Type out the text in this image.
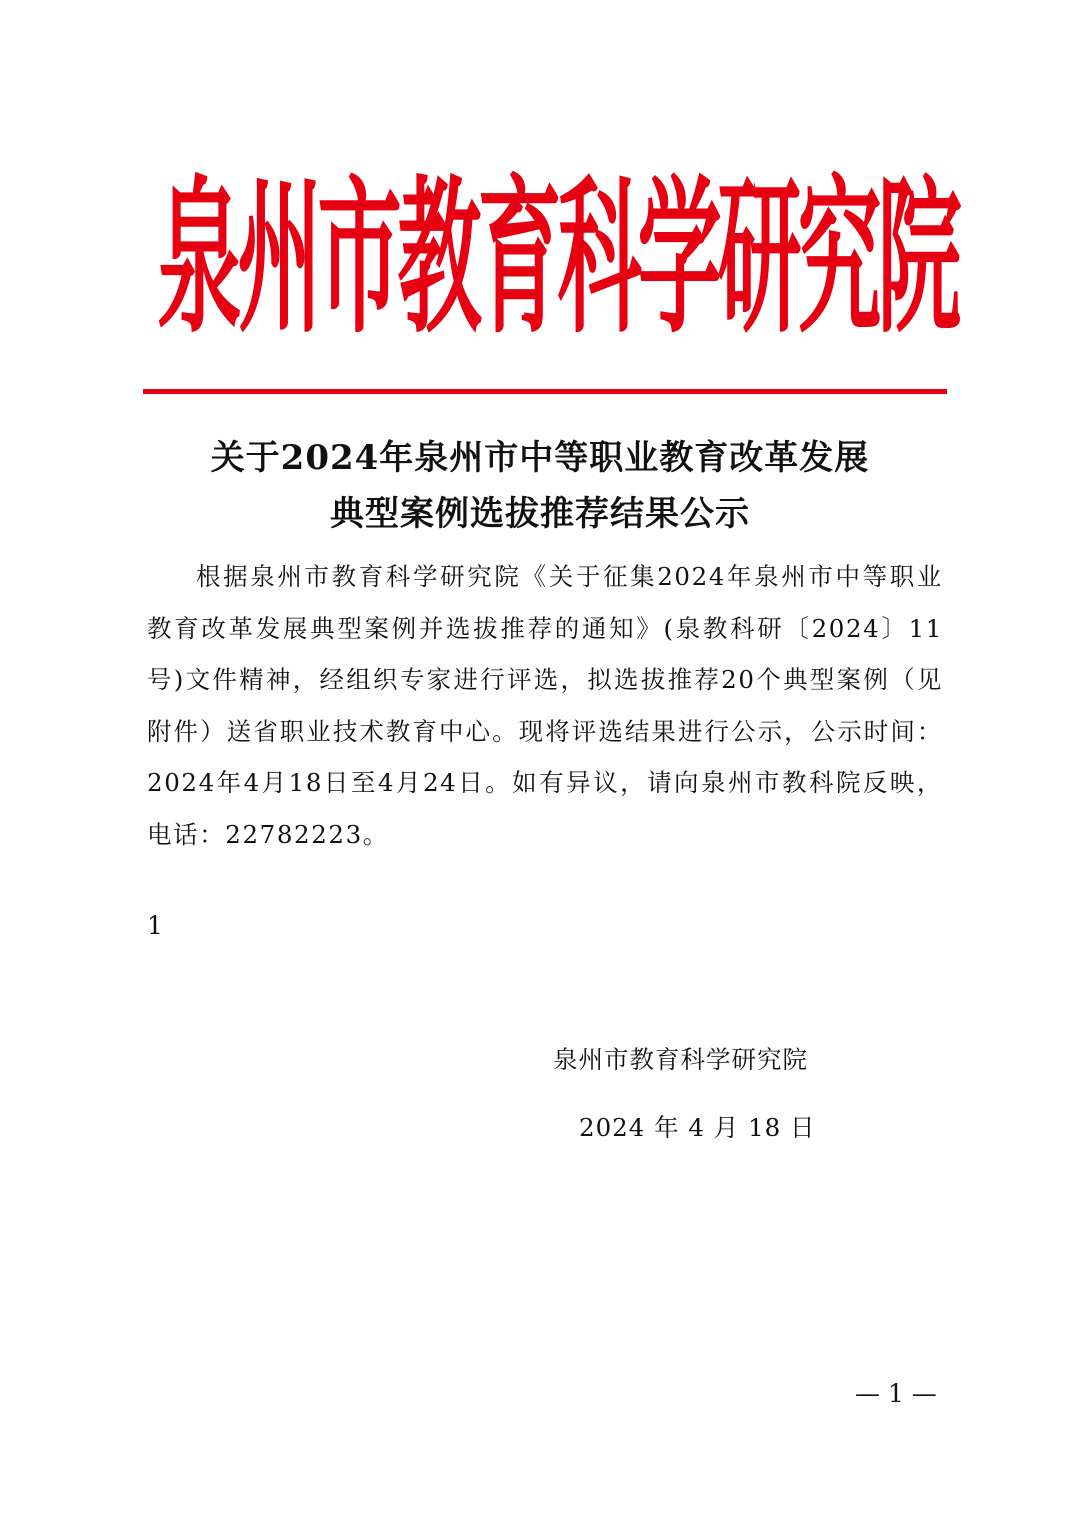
泉
州
市
教
育
科
学
研
究
院
关于2024年泉州市中等职业教育改革发展
典型案例选拔推荐结果公示
根据泉州市教育科学研究院《关于征集2024年泉州市中等职业教育改革发展典型案例并选拔推荐的通知》(泉教科研〔2024〕11号)文件精神，经组织专家进行评选，拟选拔推荐20个典型案例（见附件）送省职业技术教育中心。现将评选结果进行公示，公示时间：2024年4月18日至4月24日。如有异议，请向泉州市教科院反映，电话：22782223。
1
泉州市教育科学研究院
2024 年 4 月 18 日
— 1 —
